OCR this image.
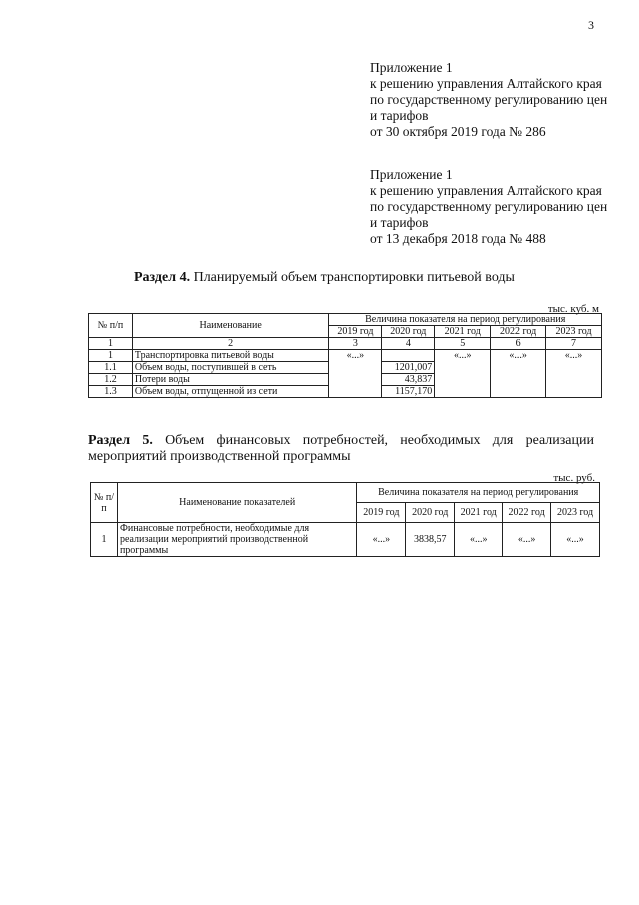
3
Приложение 1
к решению управления Алтайского края
по государственному регулированию цен
и тарифов
от 30 октября 2019 года № 286
Приложение 1
к решению управления Алтайского края
по государственному регулированию цен
и тарифов
от 13 декабря 2018 года № 488
Раздел 4. Планируемый объем транспортировки питьевой воды
тыс. куб. м
№ п/п	Наименование	Величина показателя на период регулирования				
		2019 год	2020 год	2021 год	2022 год	2023 год
1	2	3	4	5	6	7
1	Транспортировка питьевой воды	«...»		«...»	«...»	«...»
1.1	Объем воды, поступившей в сеть		1201,007			
1.2	Потери воды		43,837			
1.3	Объем воды, отпущенной из сети		1157,170			
Раздел 5. Объем финансовых потребностей, необходимых для реализации
мероприятий производственной программы
тыс. руб.
№ п/п	Наименование показателей	Величина показателя на период регулирования				
		2019 год	2020 год	2021 год	2022 год	2023 год
1	Финансовые потребности, необходимые для реализации мероприятий производственной программы	«...»	3838,57	«...»	«...»	«...»
